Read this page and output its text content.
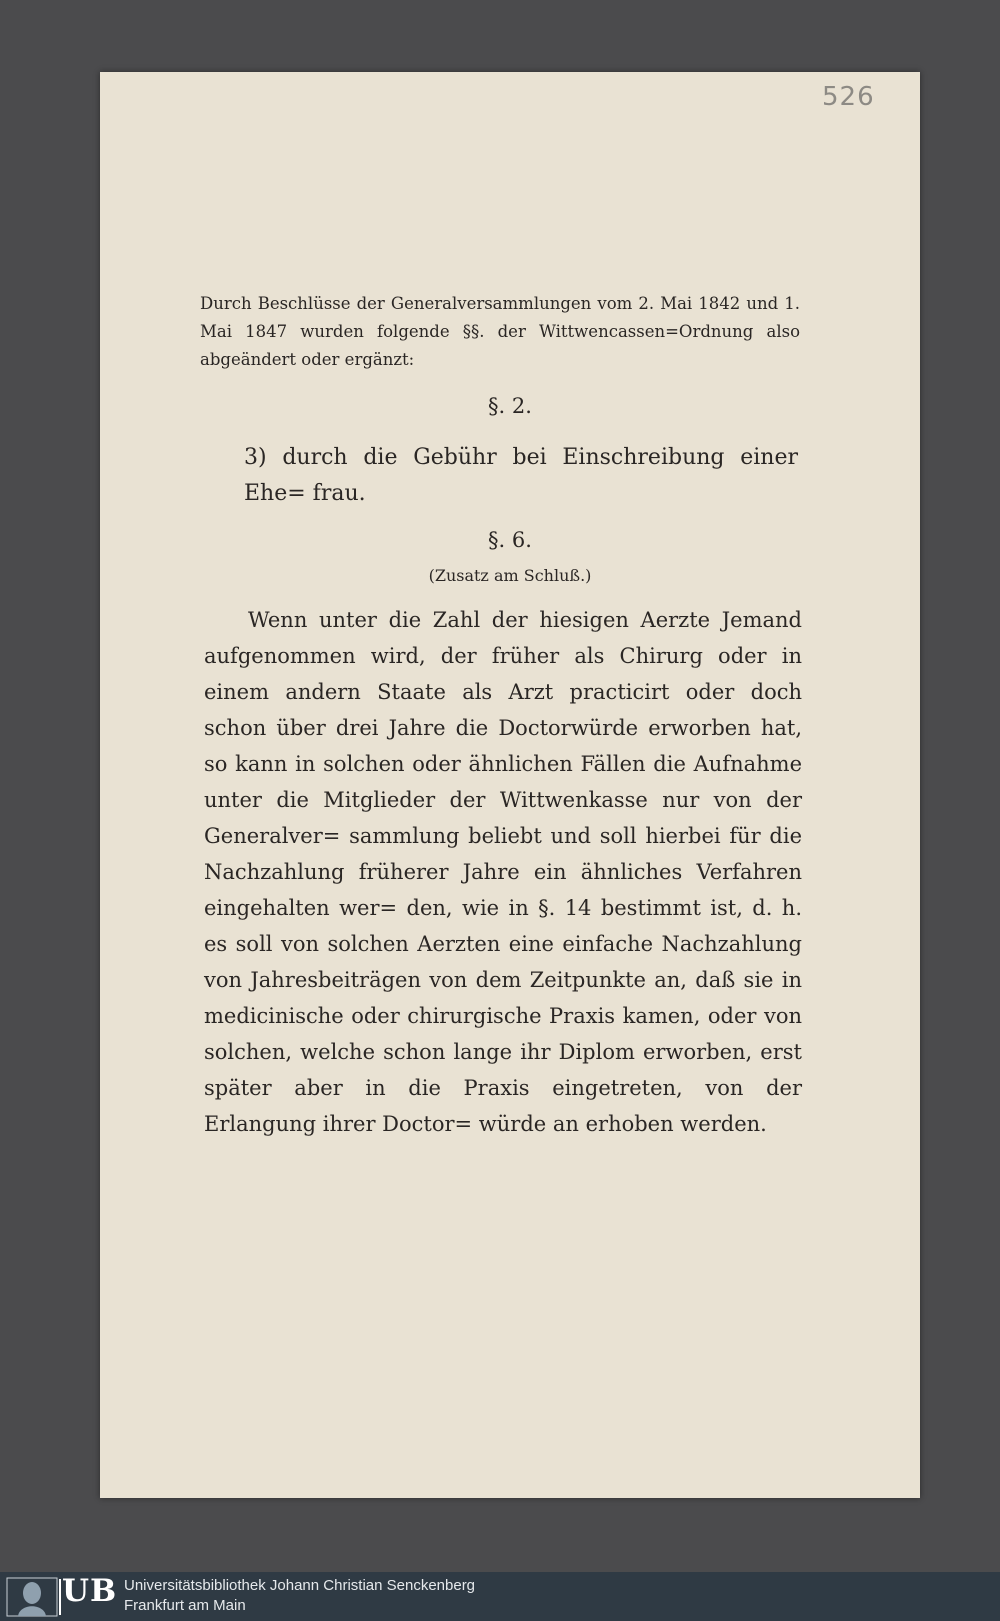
526
Durch Beschlüsse der Generalversammlungen vom 2. Mai 1842 und 1. Mai 1847 wurden folgende §§. der Wittwencassen=Ordnung also abgeändert oder ergänzt:
§. 2.
3) durch die Gebühr bei Einschreibung einer Ehe= frau.
§. 6.
(Zusatz am Schluß.)
Wenn unter die Zahl der hiesigen Aerzte Jemand aufgenommen wird, der früher als Chirurg oder in einem andern Staate als Arzt practicirt oder doch schon über drei Jahre die Doctorwürde erworben hat, so kann in solchen oder ähnlichen Fällen die Aufnahme unter die Mitglieder der Wittwenkasse nur von der Generalver= sammlung beliebt und soll hierbei für die Nachzahlung früherer Jahre ein ähnliches Verfahren eingehalten wer= den, wie in §. 14 bestimmt ist, d. h. es soll von solchen Aerzten eine einfache Nachzahlung von Jahresbeiträgen von dem Zeitpunkte an, daß sie in medicinische oder chirurgische Praxis kamen, oder von solchen, welche schon lange ihr Diplom erworben, erst später aber in die Praxis eingetreten, von der Erlangung ihrer Doctor= würde an erhoben werden.
UB Universitätsbibliothek Johann Christian Senckenberg
Frankfurt am Main
